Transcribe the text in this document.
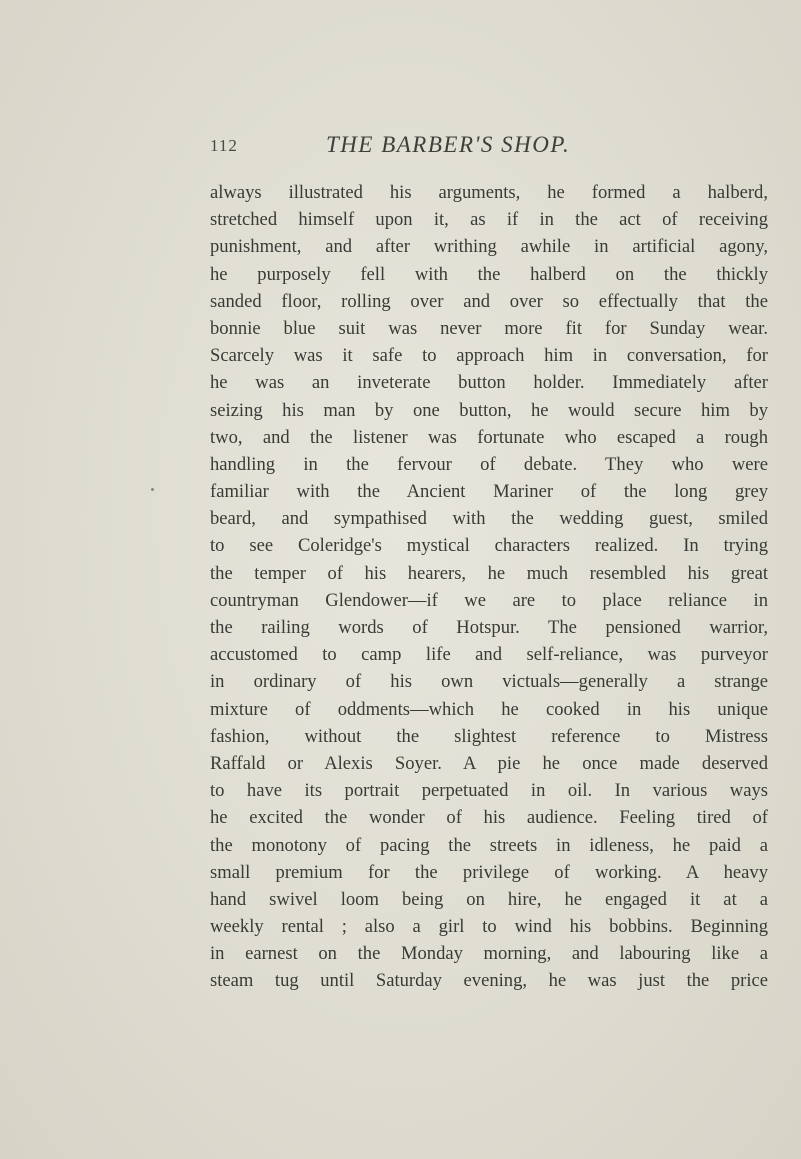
112	THE BARBER'S SHOP.
always illustrated his arguments, he formed a halberd,
stretched himself upon it, as if in the act of receiving
punishment, and after writhing awhile in artificial agony,
he purposely fell with the halberd on the thickly
sanded floor, rolling over and over so effectually that the
bonnie blue suit was never more fit for Sunday wear.
Scarcely was it safe to approach him in conversation, for
he was an inveterate button holder. Immediately after
seizing his man by one button, he would secure him by
two, and the listener was fortunate who escaped a rough
handling in the fervour of debate. They who were
familiar with the Ancient Mariner of the long grey
beard, and sympathised with the wedding guest, smiled
to see Coleridge's mystical characters realized. In trying
the temper of his hearers, he much resembled his great
countryman Glendower—if we are to place reliance in
the railing words of Hotspur. The pensioned warrior,
accustomed to camp life and self-reliance, was purveyor
in ordinary of his own victuals—generally a strange
mixture of oddments—which he cooked in his unique
fashion, without the slightest reference to Mistress
Raffald or Alexis Soyer. A pie he once made deserved
to have its portrait perpetuated in oil. In various ways
he excited the wonder of his audience. Feeling tired of
the monotony of pacing the streets in idleness, he paid a
small premium for the privilege of working. A heavy
hand swivel loom being on hire, he engaged it at a
weekly rental ; also a girl to wind his bobbins. Beginning
in earnest on the Monday morning, and labouring like a
steam tug until Saturday evening, he was just the price
